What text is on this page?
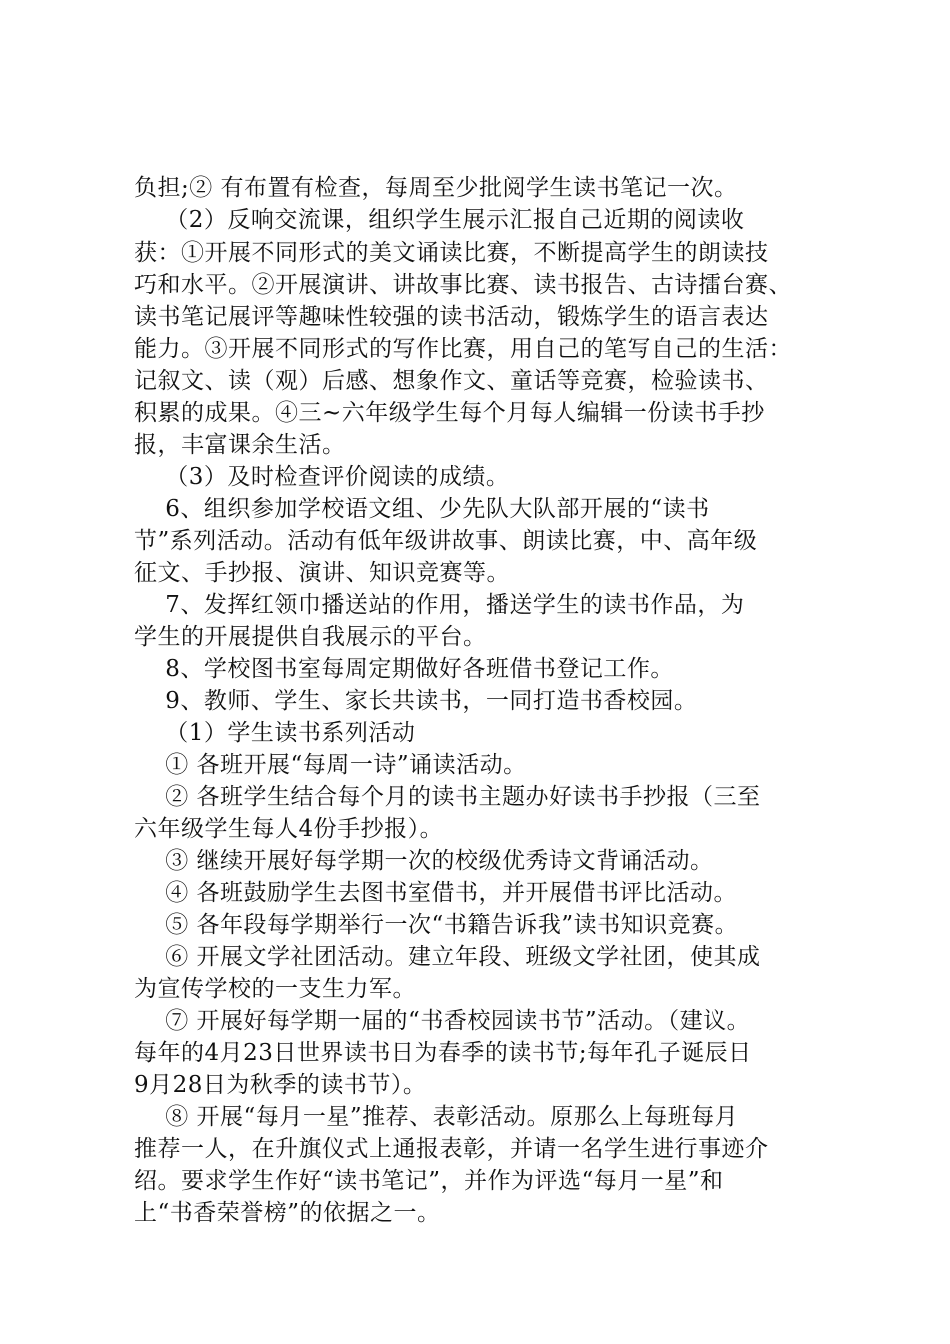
负担;② 有布置有检查，每周至少批阅学生读书笔记一次。
（2）反响交流课，组织学生展示汇报自己近期的阅读收
获：①开展不同形式的美文诵读比赛，不断提高学生的朗读技
巧和水平。②开展演讲、讲故事比赛、读书报告、古诗擂台赛、
读书笔记展评等趣味性较强的读书活动，锻炼学生的语言表达
能力。③开展不同形式的写作比赛，用自己的笔写自己的生活：
记叙文、读（观）后感、想象作文、童话等竞赛，检验读书、
积累的成果。④三~六年级学生每个月每人编辑一份读书手抄
报，丰富课余生活。
（3）及时检查评价阅读的成绩。
6、组织参加学校语文组、少先队大队部开展的“读书
节”系列活动。活动有低年级讲故事、朗读比赛，中、高年级
征文、手抄报、演讲、知识竞赛等。
7、发挥红领巾播送站的作用，播送学生的读书作品，为
学生的开展提供自我展示的平台。
8、学校图书室每周定期做好各班借书登记工作。
9、教师、学生、家长共读书，一同打造书香校园。
（1）学生读书系列活动
① 各班开展“每周一诗”诵读活动。
② 各班学生结合每个月的读书主题办好读书手抄报（三至
六年级学生每人4份手抄报）。
③ 继续开展好每学期一次的校级优秀诗文背诵活动。
④ 各班鼓励学生去图书室借书，并开展借书评比活动。
⑤ 各年段每学期举行一次“书籍告诉我”读书知识竞赛。
⑥ 开展文学社团活动。建立年段、班级文学社团，使其成
为宣传学校的一支生力军。
⑦ 开展好每学期一届的“书香校园读书节”活动。（建议。
每年的4月23日世界读书日为春季的读书节;每年孔子诞辰日
9月28日为秋季的读书节）。
⑧ 开展“每月一星”推荐、表彰活动。原那么上每班每月
推荐一人，在升旗仪式上通报表彰，并请一名学生进行事迹介
绍。要求学生作好“读书笔记”，并作为评选“每月一星”和
上“书香荣誉榜”的依据之一。
